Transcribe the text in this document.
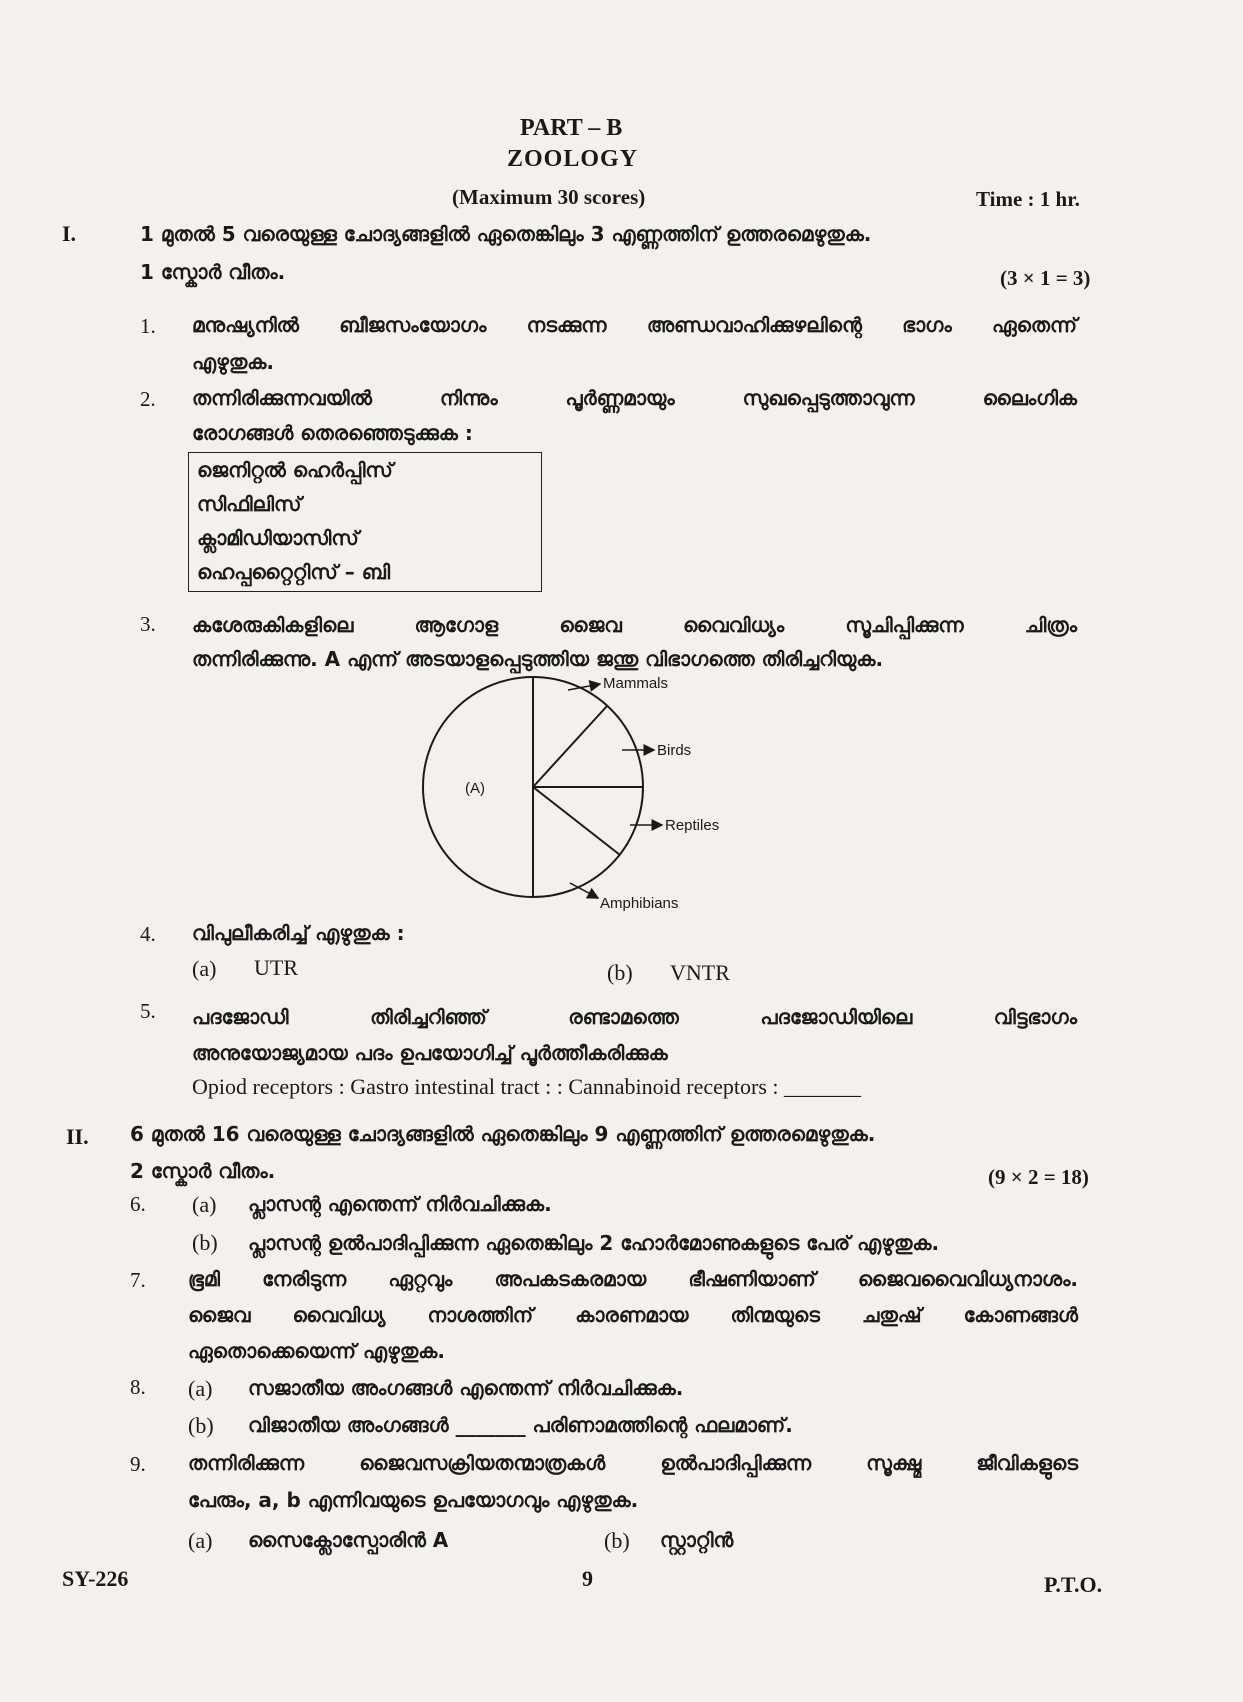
PART – B
ZOOLOGY
(Maximum 30 scores)	Time : 1 hr.
I.	1 മുതൽ 5 വരെയുള്ള ചോദ്യങ്ങളിൽ ഏതെങ്കിലും 3 എണ്ണത്തിന് ഉത്തരമെഴുതുക.
1 സ്കോർ വീതം.	(3 × 1 = 3)
1. മനുഷ്യനിൽ ബീജസംയോഗം നടക്കുന്ന അണ്ഡവാഹിക്കുഴലിന്റെ ഭാഗം ഏതെന്ന്
എഴുതുക.
2. തന്നിരിക്കുന്നവയിൽ നിന്നും പൂർണ്ണമായും സുഖപ്പെടുത്താവുന്ന ലൈംഗിക
രോഗങ്ങൾ തെരഞ്ഞെടുക്കുക :
ജെനിറ്റൽ ഹെർപ്പിസ്
സിഫിലിസ്
ക്ലാമിഡിയാസിസ്
ഹെപ്പറ്റൈറ്റിസ് – ബി
3. കശേരുകികളിലെ ആഗോള ജൈവ വൈവിധ്യം സൂചിപ്പിക്കുന്ന ചിത്രം
തന്നിരിക്കുന്നു. A എന്ന് അടയാളപ്പെടുത്തിയ ജന്തു വിഭാഗത്തെ തിരിച്ചറിയുക.
(A)
Mammals
Birds
Reptiles
Amphibians
4. വിപുലീകരിച്ച് എഴുതുക :
(a) UTR	(b) VNTR
5. പദജോഡി തിരിച്ചറിഞ്ഞ് രണ്ടാമത്തെ പദജോഡിയിലെ വിട്ടഭാഗം
അനുയോജ്യമായ പദം ഉപയോഗിച്ച് പൂർത്തീകരിക്കുക
Opiod receptors : Gastro intestinal tract : : Cannabinoid receptors : _______
II. 6 മുതൽ 16 വരെയുള്ള ചോദ്യങ്ങളിൽ ഏതെങ്കിലും 9 എണ്ണത്തിന് ഉത്തരമെഴുതുക.
2 സ്കോർ വീതം.	(9 × 2 = 18)
6. (a) പ്ലാസന്റ എന്തെന്ന് നിർവചിക്കുക.
(b) പ്ലാസന്റ ഉൽപാദിപ്പിക്കുന്ന ഏതെങ്കിലും 2 ഹോർമോണുകളുടെ പേര് എഴുതുക.
7. ഭൂമി നേരിടുന്ന ഏറ്റവും അപകടകരമായ ഭീഷണിയാണ് ജൈവവൈവിധ്യനാശം.
ജൈവ വൈവിധ്യ നാശത്തിന് കാരണമായ തിന്മയുടെ ചതുഷ് കോണങ്ങൾ
ഏതൊക്കെയെന്ന് എഴുതുക.
8. (a) സജാതീയ അംഗങ്ങൾ എന്തെന്ന് നിർവചിക്കുക.
(b) വിജാതീയ അംഗങ്ങൾ _______ പരിണാമത്തിന്റെ ഫലമാണ്.
9. തന്നിരിക്കുന്ന ജൈവസക്രിയതന്മാത്രകൾ ഉൽപാദിപ്പിക്കുന്ന സൂക്ഷ്മ ജീവികളുടെ
പേരും, a, b എന്നിവയുടെ ഉപയോഗവും എഴുതുക.
(a) സൈക്ലോസ്പോരിൻ A	(b) സ്റ്റാറ്റിൻ
SY-226	9	P.T.O.
